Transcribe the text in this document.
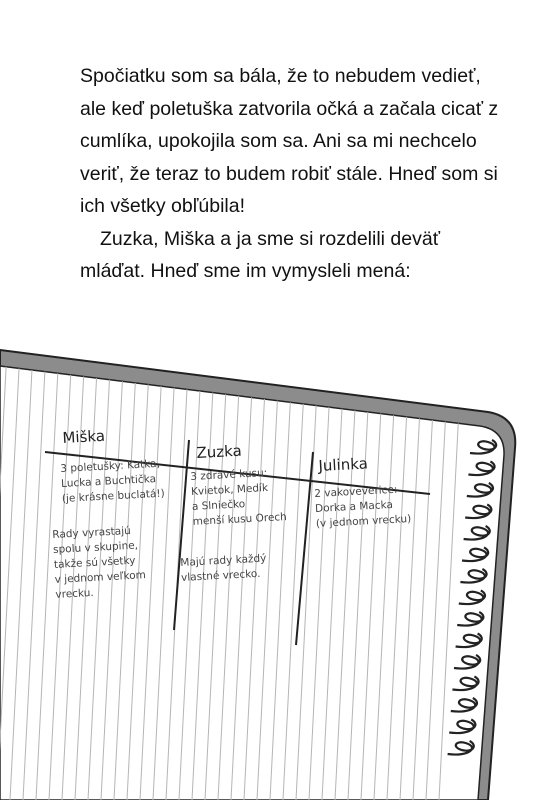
Spočiatku som sa bála, že to nebudem vedieť, ale keď poletuška zatvorila očká a začala cicať z cumlíka, upokojila som sa. Ani sa mi nechcelo veriť, že teraz to budem robiť stále. Hneď som si ich všetky obľúbila!

Zuzka, Miška a ja sme si rozdelili deväť mláďat. Hneď sme im vymysleli mená:

Miška
3 poletušky: Katka,
Lucka a Buchtička
(je krásne buclatá!)
Rady vyrastajú
spolu v skupine,
takže sú všetky
v jednom veľkom
vrecku.
Zuzka
3 zdravé kusu:
Kvietok, Medík
a Slniečko
menší kusu Orech
Majú rady každý
vlastné vrecko.
Julinka
2 vakoveverice:
Dorka a Macka
(v jednom vrecku)
